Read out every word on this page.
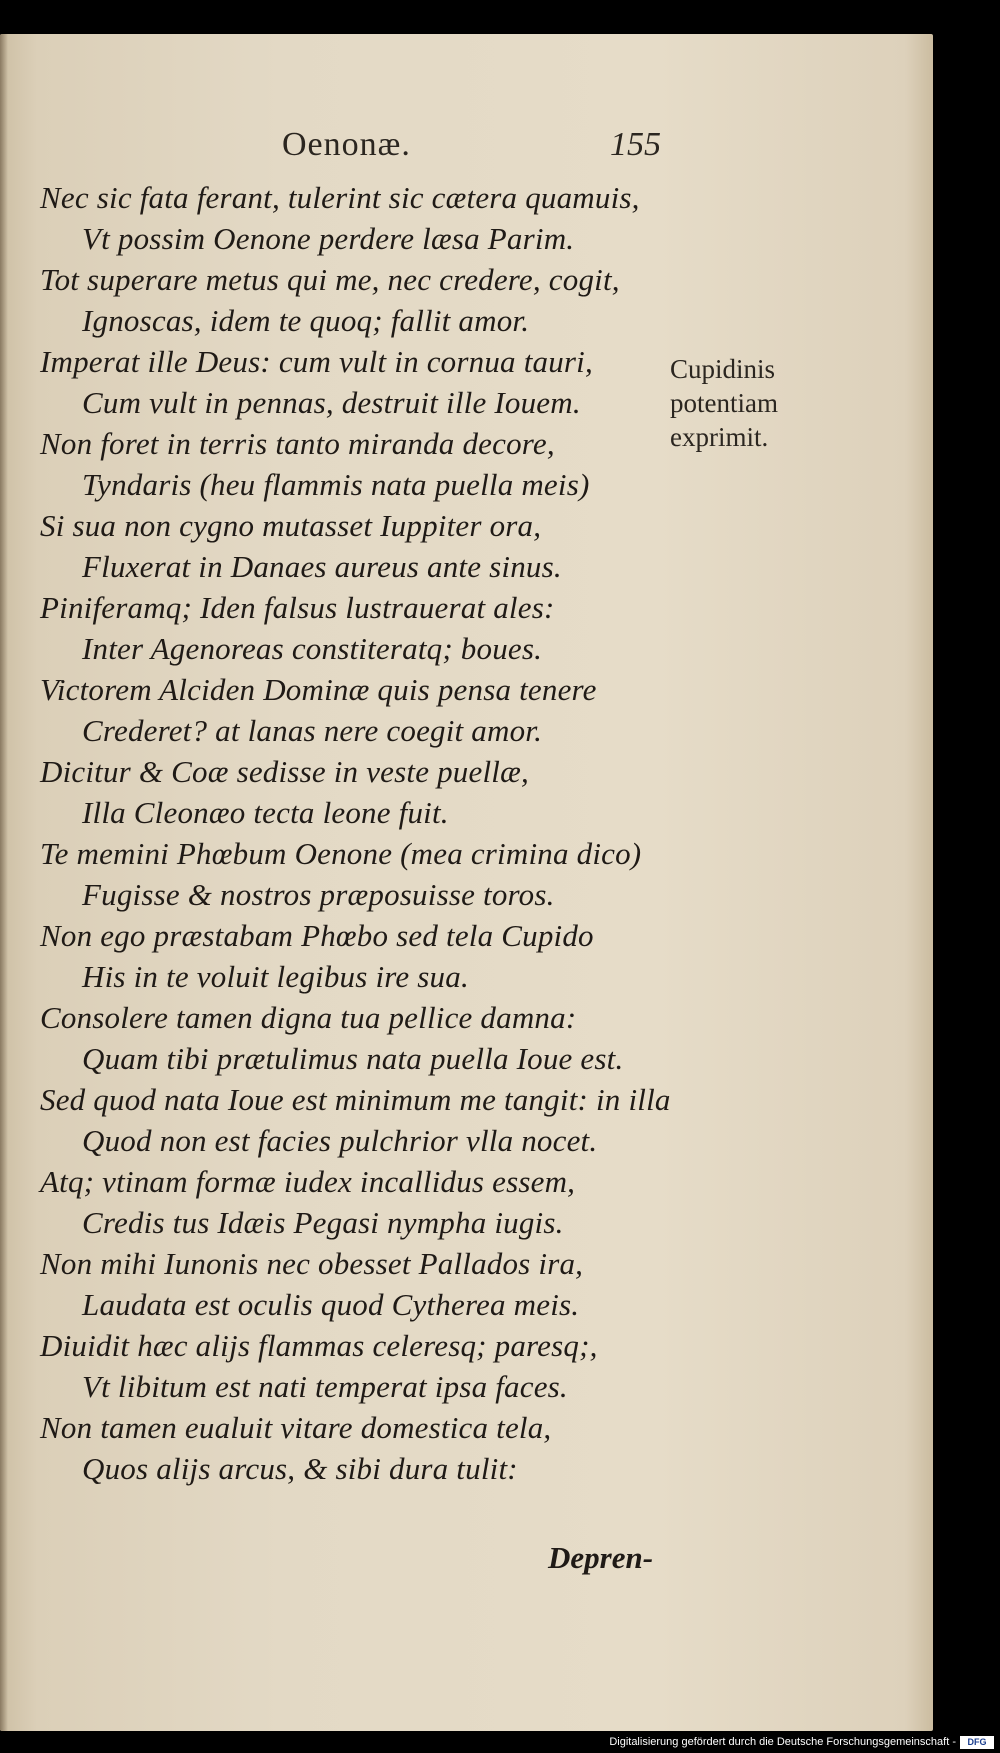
Oenonæ.	155
Nec sic fata ferant, tulerint sic cætera quamuis,
Vt possim Oenone perdere læsa Parim.
Tot superare metus qui me, nec credere, cogit,
Ignoscas, idem te quoq; fallit amor.
Imperat ille Deus: cum vult in cornua tauri,
Cum vult in pennas, destruit ille Iouem.
Non foret in terris tanto miranda decore,
Tyndaris (heu flammis nata puella meis)
Si sua non cygno mutasset Iuppiter ora,
Fluxerat in Danaes aureus ante sinus.
Piniferamq; Iden falsus lustrauerat ales:
Inter Agenoreas constiteratq; boues.
Victorem Alciden Dominæ quis pensa tenere
Crederet? at lanas nere coegit amor.
Dicitur & Coæ sedisse in veste puellæ,
Illa Cleonæo tecta leone fuit.
Te memini Phœbum Oenone (mea crimina dico)
Fugisse & nostros præposuisse toros.
Non ego præstabam Phœbo sed tela Cupido
His in te voluit legibus ire sua.
Consolere tamen digna tua pellice damna:
Quam tibi prætulimus nata puella Ioue est.
Sed quod nata Ioue est minimum me tangit: in illa
Quod non est facies pulchrior vlla nocet.
Atq; vtinam formæ iudex incallidus essem,
Credis tus Idæis Pegasi nympha iugis.
Non mihi Iunonis nec obesset Pallados ira,
Laudata est oculis quod Cytherea meis.
Diuidit hæc alijs flammas celeresq; paresq;,
Vt libitum est nati temperat ipsa faces.
Non tamen eualuit vitare domestica tela,
Quos alijs arcus, & sibi dura tulit:
Cupidinis
potentiam
exprimit.
Depren-
Digitalisierung gefördert durch die Deutsche Forschungsgemeinschaft -	DFG
